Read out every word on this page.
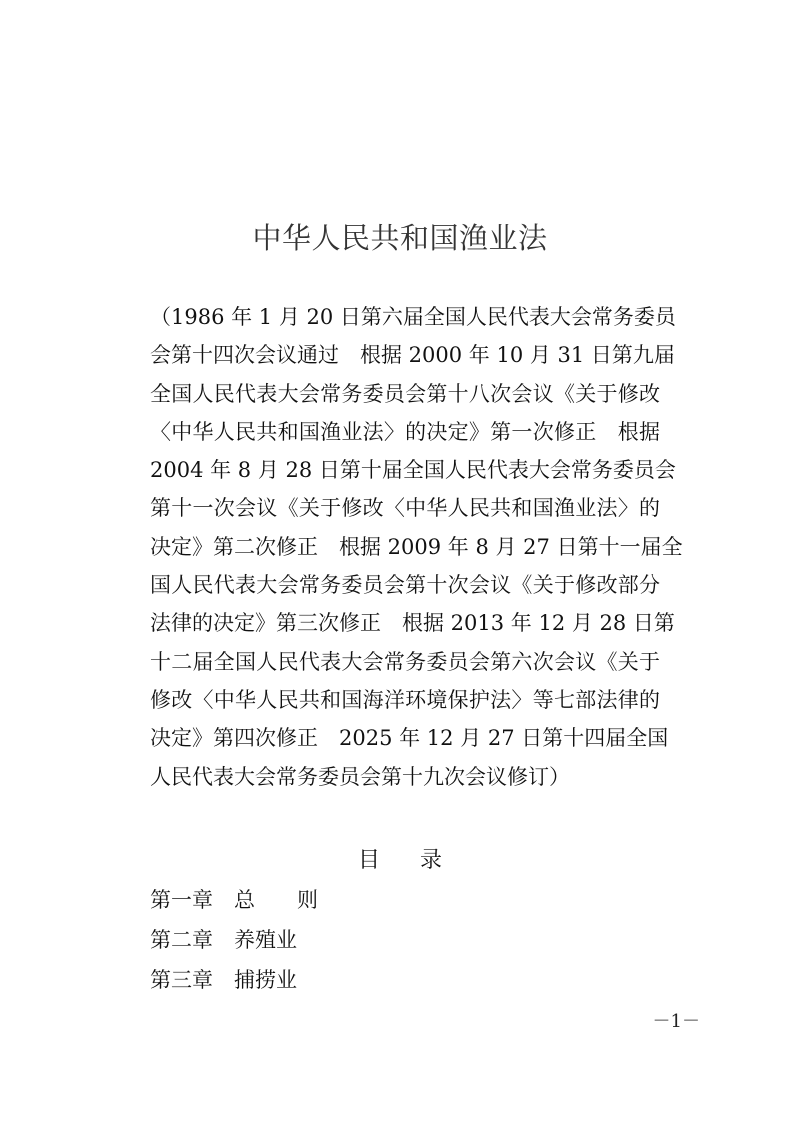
中华人民共和国渔业法
（1986 年 1 月 20 日第六届全国人民代表大会常务委员
会第十四次会议通过　根据 2000 年 10 月 31 日第九届
全国人民代表大会常务委员会第十八次会议《关于修改
〈中华人民共和国渔业法〉的决定》第一次修正　根据
2004 年 8 月 28 日第十届全国人民代表大会常务委员会
第十一次会议《关于修改〈中华人民共和国渔业法〉的
决定》第二次修正　根据 2009 年 8 月 27 日第十一届全
国人民代表大会常务委员会第十次会议《关于修改部分
法律的决定》第三次修正　根据 2013 年 12 月 28 日第
十二届全国人民代表大会常务委员会第六次会议《关于
修改〈中华人民共和国海洋环境保护法〉等七部法律的
决定》第四次修正　2025 年 12 月 27 日第十四届全国
人民代表大会常务委员会第十九次会议修订）
目录
第一章　总　　则
第二章　养殖业
第三章　捕捞业
－1－
